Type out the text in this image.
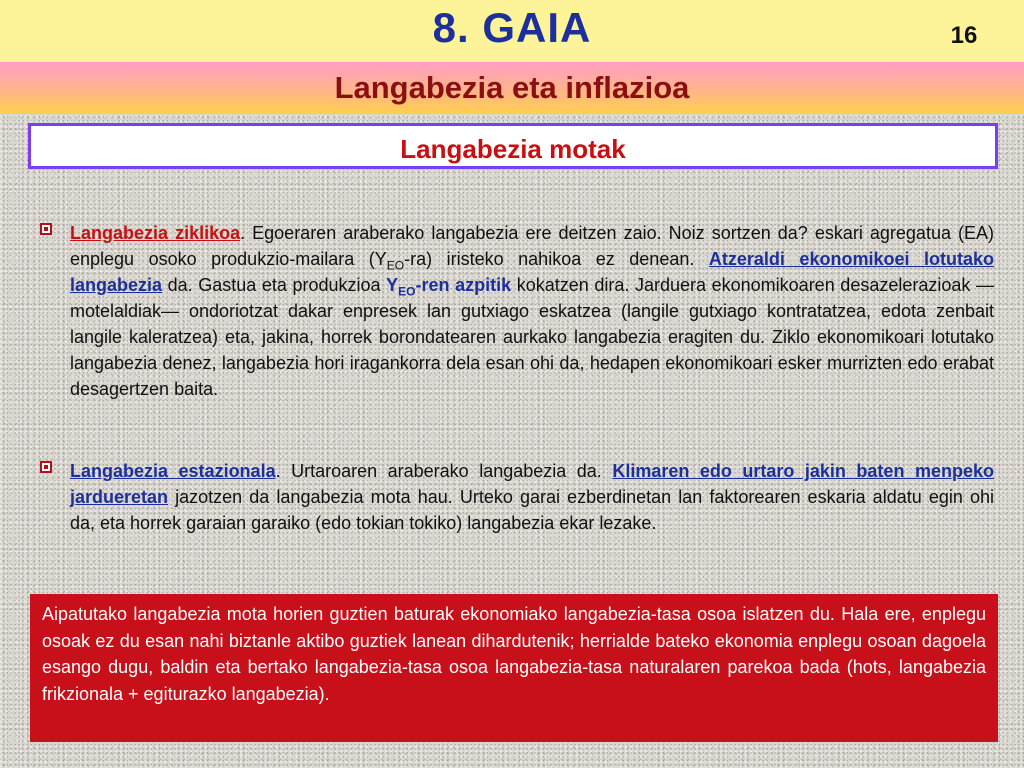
8. GAIA	16
Langabezia eta inflazioa
Langabezia motak
Langabezia ziklikoa. Egoeraren araberako langabezia ere deitzen zaio. Noiz sortzen da? eskari agregatua (EA) enplegu osoko produkzio-mailara $(Y_{EO}-ra)$ iristeko nahikoa ez denean. Atzeraldi ekonomikoei lotutako langabezia da. Gastua eta produkzioa $Y_{EO}$-ren azpitik kokatzen dira. Jarduera ekonomikoaren desazelerazioak —motelaldiak— ondoriotzat dakar enpresek lan gutxiago eskatzea (langile gutxiago kontratatzea, edota zenbait langile kaleratzea) eta, jakina, horrek borondatearen aurkako langabezia eragiten du. Ziklo ekonomikoari lotutako langabezia denez, langabezia hori iragankorra dela esan ohi da, hedapen ekonomikoari esker murrizten edo erabat desagertzen baita.
Langabezia estazionala. Urtaroaren araberako langabezia da. Klimaren edo urtaro jakin baten menpeko jardueretan jazotzen da langabezia mota hau. Urteko garai ezberdinetan lan faktorearen eskaria aldatu egin ohi da, eta horrek garaian garaiko (edo tokian tokiko) langabezia ekar lezake.
Aipatutako langabezia mota horien guztien baturak ekonomiako langabezia-tasa osoa islatzen du. Hala ere, enplegu osoak ez du esan nahi biztanle aktibo guztiek lanean dihardutenik; herrialde bateko ekonomia enplegu osoan dagoela esango dugu, baldin eta bertako langabezia-tasa osoa langabezia-tasa naturalaren parekoa bada (hots, langabezia frikzionala + egiturazko langabezia).
